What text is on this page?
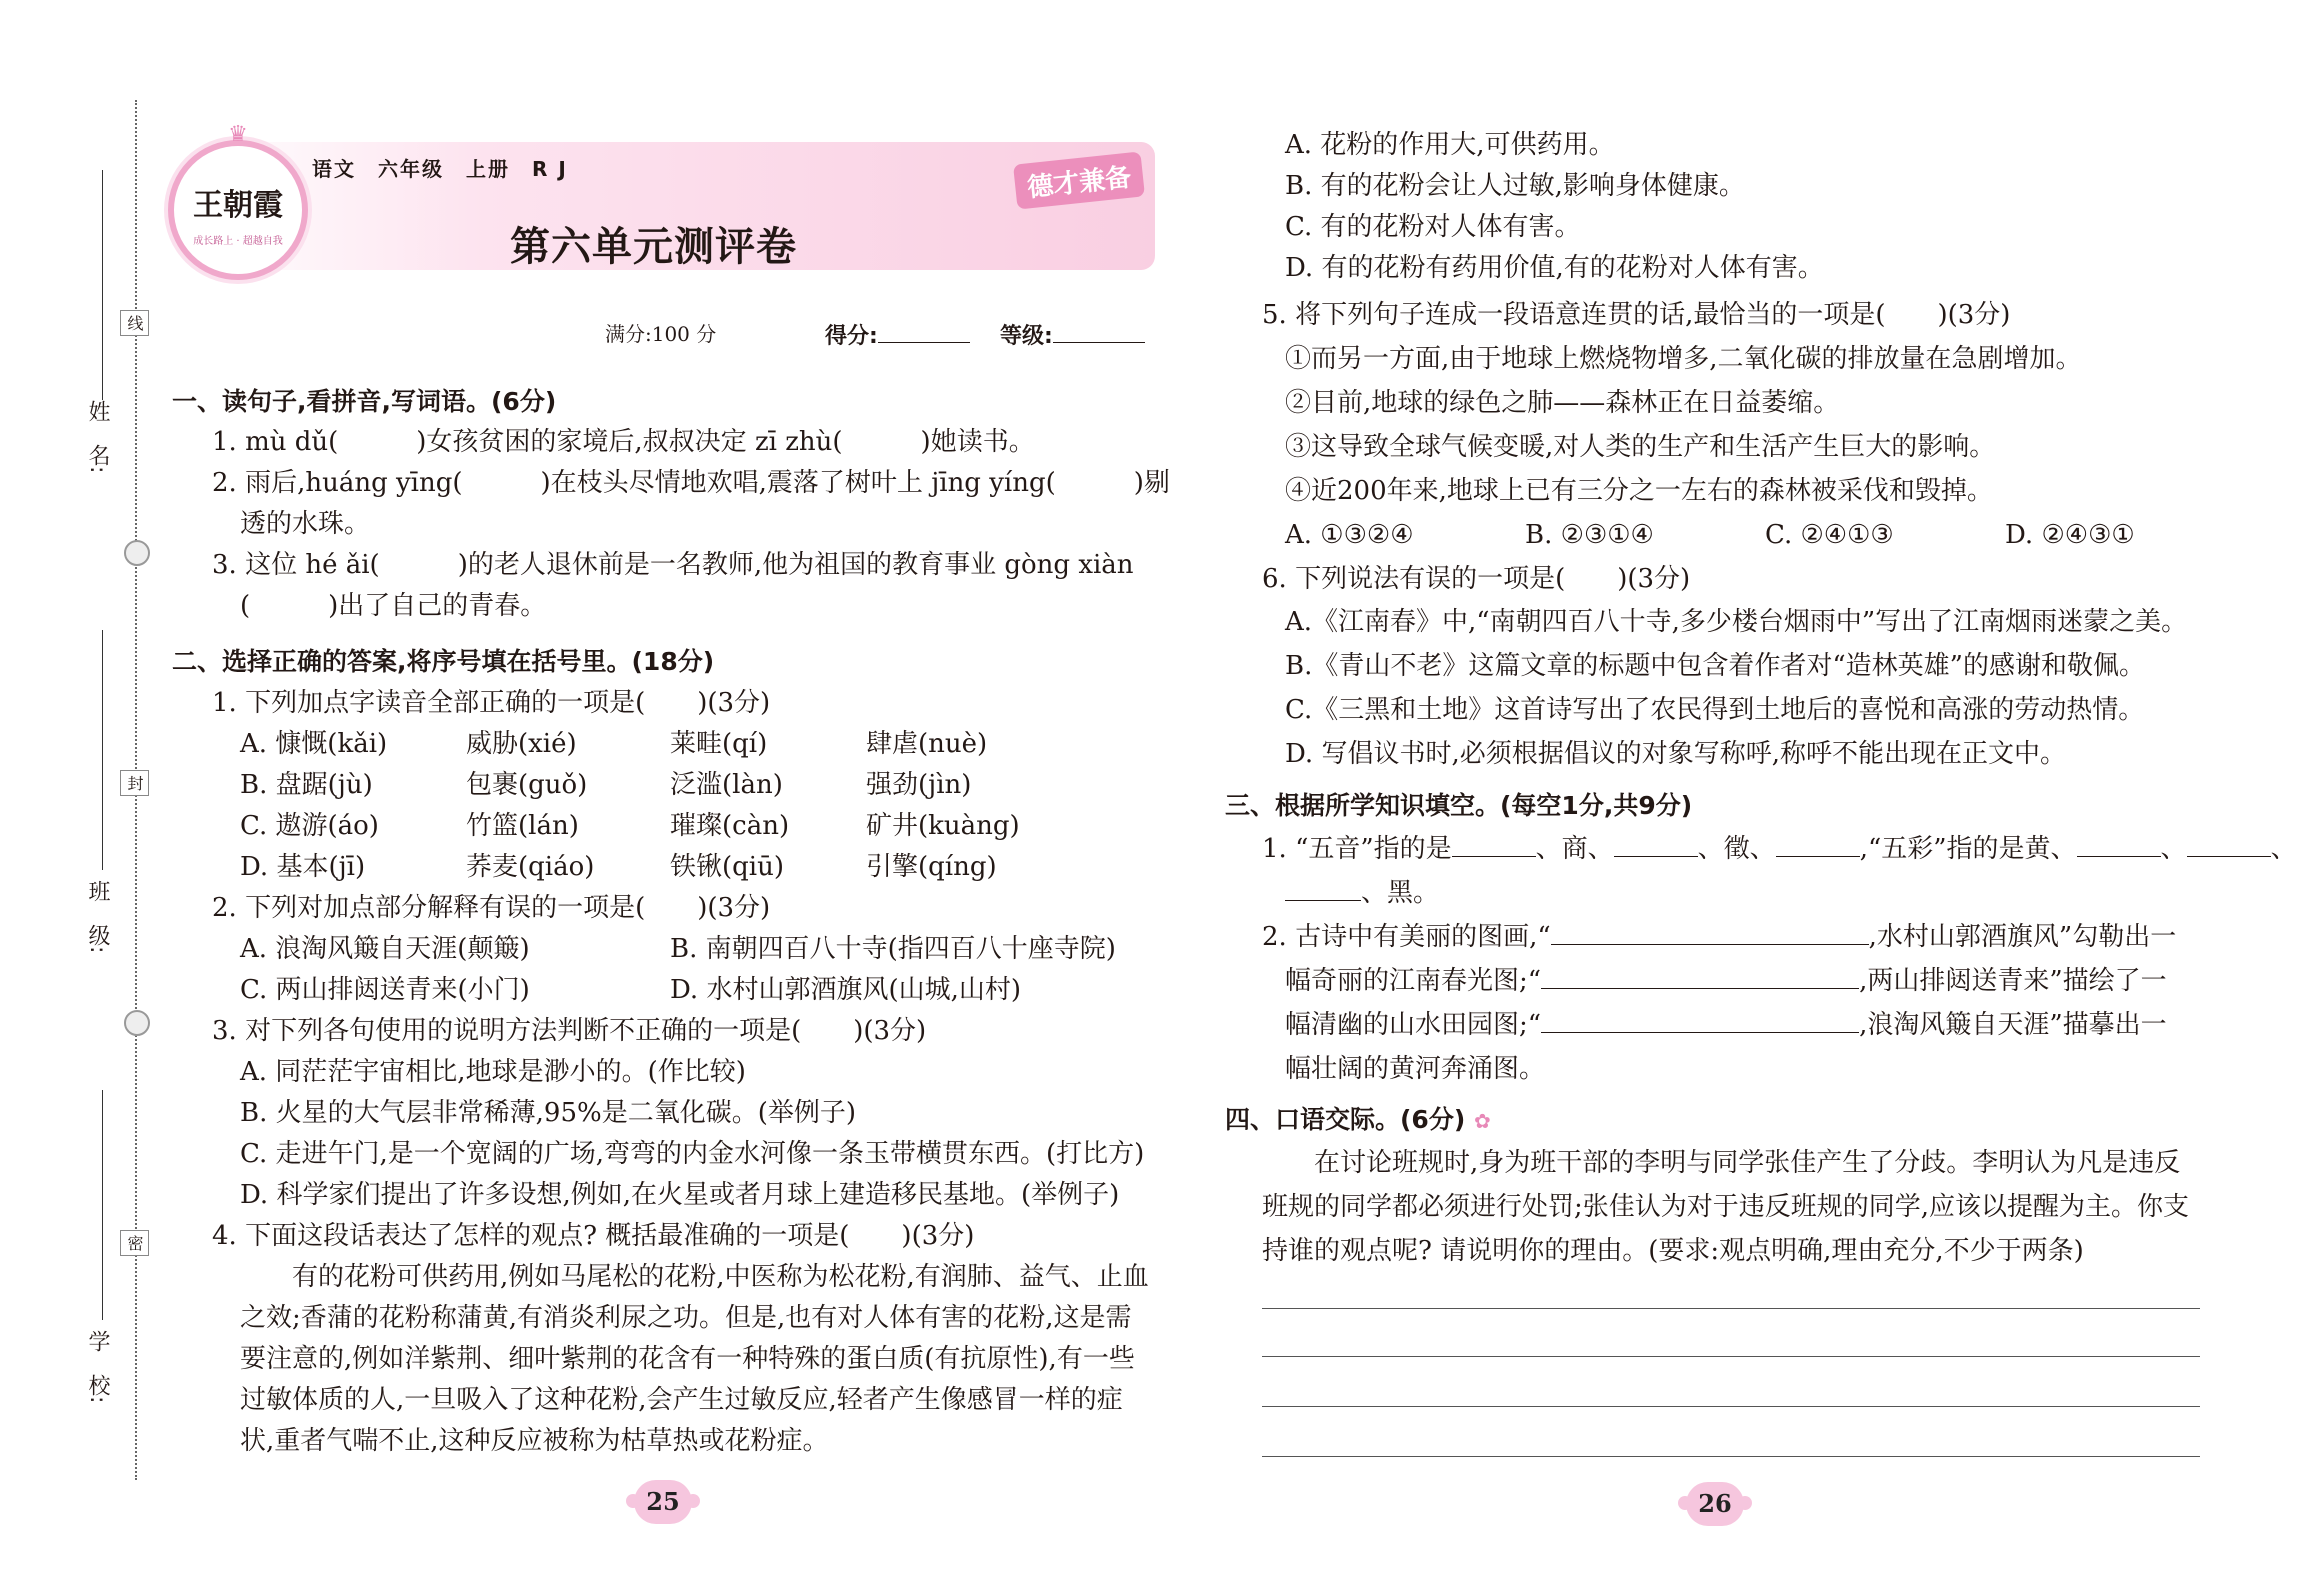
姓　名:
班　级:
学　校:
线
封
密
♛
王朝霞
成长路上 · 超越自我
语文　六年级　上册　R J	德才兼备
第六单元测评卷
满分:100 分	得分:	等级:
一、读句子,看拼音,写词语。(6分)
1. mù dǔ(　　　)女孩贫困的家境后,叔叔决定 zī zhù(　　　)她读书。
2. 雨后,huáng yīng(　　　)在枝头尽情地欢唱,震落了树叶上 jīng yíng(　　　)剔
透的水珠。
3. 这位 hé ǎi(　　　)的老人退休前是一名教师,他为祖国的教育事业 gòng xiàn
(　　　)出了自己的青春。
二、选择正确的答案,将序号填在括号里。(18分)
1. 下列加点字读音全部正确的一项是(　　)(3分)
A. 慷慨(kǎi)	威胁(xié)	莱畦(qí)	肆虐(nuè)
B. 盘踞(jù)	包裹(guǒ)	泛滥(làn)	强劲(jìn)
C. 遨游(áo)	竹篮(lán)	璀璨(càn)	矿井(kuàng)
D. 基本(jī)	荞麦(qiáo)	铁锹(qiū)	引擎(qíng)
2. 下列对加点部分解释有误的一项是(　　)(3分)
A. 浪淘风簸自天涯(颠簸)	B. 南朝四百八十寺(指四百八十座寺院)
C. 两山排闼送青来(小门)	D. 水村山郭酒旗风(山城,山村)
3. 对下列各句使用的说明方法判断不正确的一项是(　　)(3分)
A. 同茫茫宇宙相比,地球是渺小的。(作比较)
B. 火星的大气层非常稀薄,95%是二氧化碳。(举例子)
C. 走进午门,是一个宽阔的广场,弯弯的内金水河像一条玉带横贯东西。(打比方)
D. 科学家们提出了许多设想,例如,在火星或者月球上建造移民基地。(举例子)
4. 下面这段话表达了怎样的观点? 概括最准确的一项是(　　)(3分)
　　有的花粉可供药用,例如马尾松的花粉,中医称为松花粉,有润肺、益气、止血
之效;香蒲的花粉称蒲黄,有消炎利尿之功。但是,也有对人体有害的花粉,这是需
要注意的,例如洋紫荆、细叶紫荆的花含有一种特殊的蛋白质(有抗原性),有一些
过敏体质的人,一旦吸入了这种花粉,会产生过敏反应,轻者产生像感冒一样的症
状,重者气喘不止,这种反应被称为枯草热或花粉症。
25
A. 花粉的作用大,可供药用。
B. 有的花粉会让人过敏,影响身体健康。
C. 有的花粉对人体有害。
D. 有的花粉有药用价值,有的花粉对人体有害。
5. 将下列句子连成一段语意连贯的话,最恰当的一项是(　　)(3分)
①而另一方面,由于地球上燃烧物增多,二氧化碳的排放量在急剧增加。
②目前,地球的绿色之肺——森林正在日益萎缩。
③这导致全球气候变暖,对人类的生产和生活产生巨大的影响。
④近200年来,地球上已有三分之一左右的森林被采伐和毁掉。
A. ①③②④	B. ②③①④	C. ②④①③	D. ②④③①
6. 下列说法有误的一项是(　　)(3分)
A.《江南春》中,“南朝四百八十寺,多少楼台烟雨中”写出了江南烟雨迷蒙之美。
B.《青山不老》这篇文章的标题中包含着作者对“造林英雄”的感谢和敬佩。
C.《三黑和土地》这首诗写出了农民得到土地后的喜悦和高涨的劳动热情。
D. 写倡议书时,必须根据倡议的对象写称呼,称呼不能出现在正文中。
三、根据所学知识填空。(每空1分,共9分)
1. “五音”指的是	、商、	、徵、	,“五彩”指的是黄、	、	、
、黑。
2. 古诗中有美丽的图画,“	,水村山郭酒旗风”勾勒出一
幅奇丽的江南春光图;“	,两山排闼送青来”描绘了一
幅清幽的山水田园图;“	,浪淘风簸自天涯”描摹出一
幅壮阔的黄河奔涌图。
四、口语交际。(6分) ✿
　　在讨论班规时,身为班干部的李明与同学张佳产生了分歧。李明认为凡是违反
班规的同学都必须进行处罚;张佳认为对于违反班规的同学,应该以提醒为主。你支
持谁的观点呢? 请说明你的理由。(要求:观点明确,理由充分,不少于两条)
26
